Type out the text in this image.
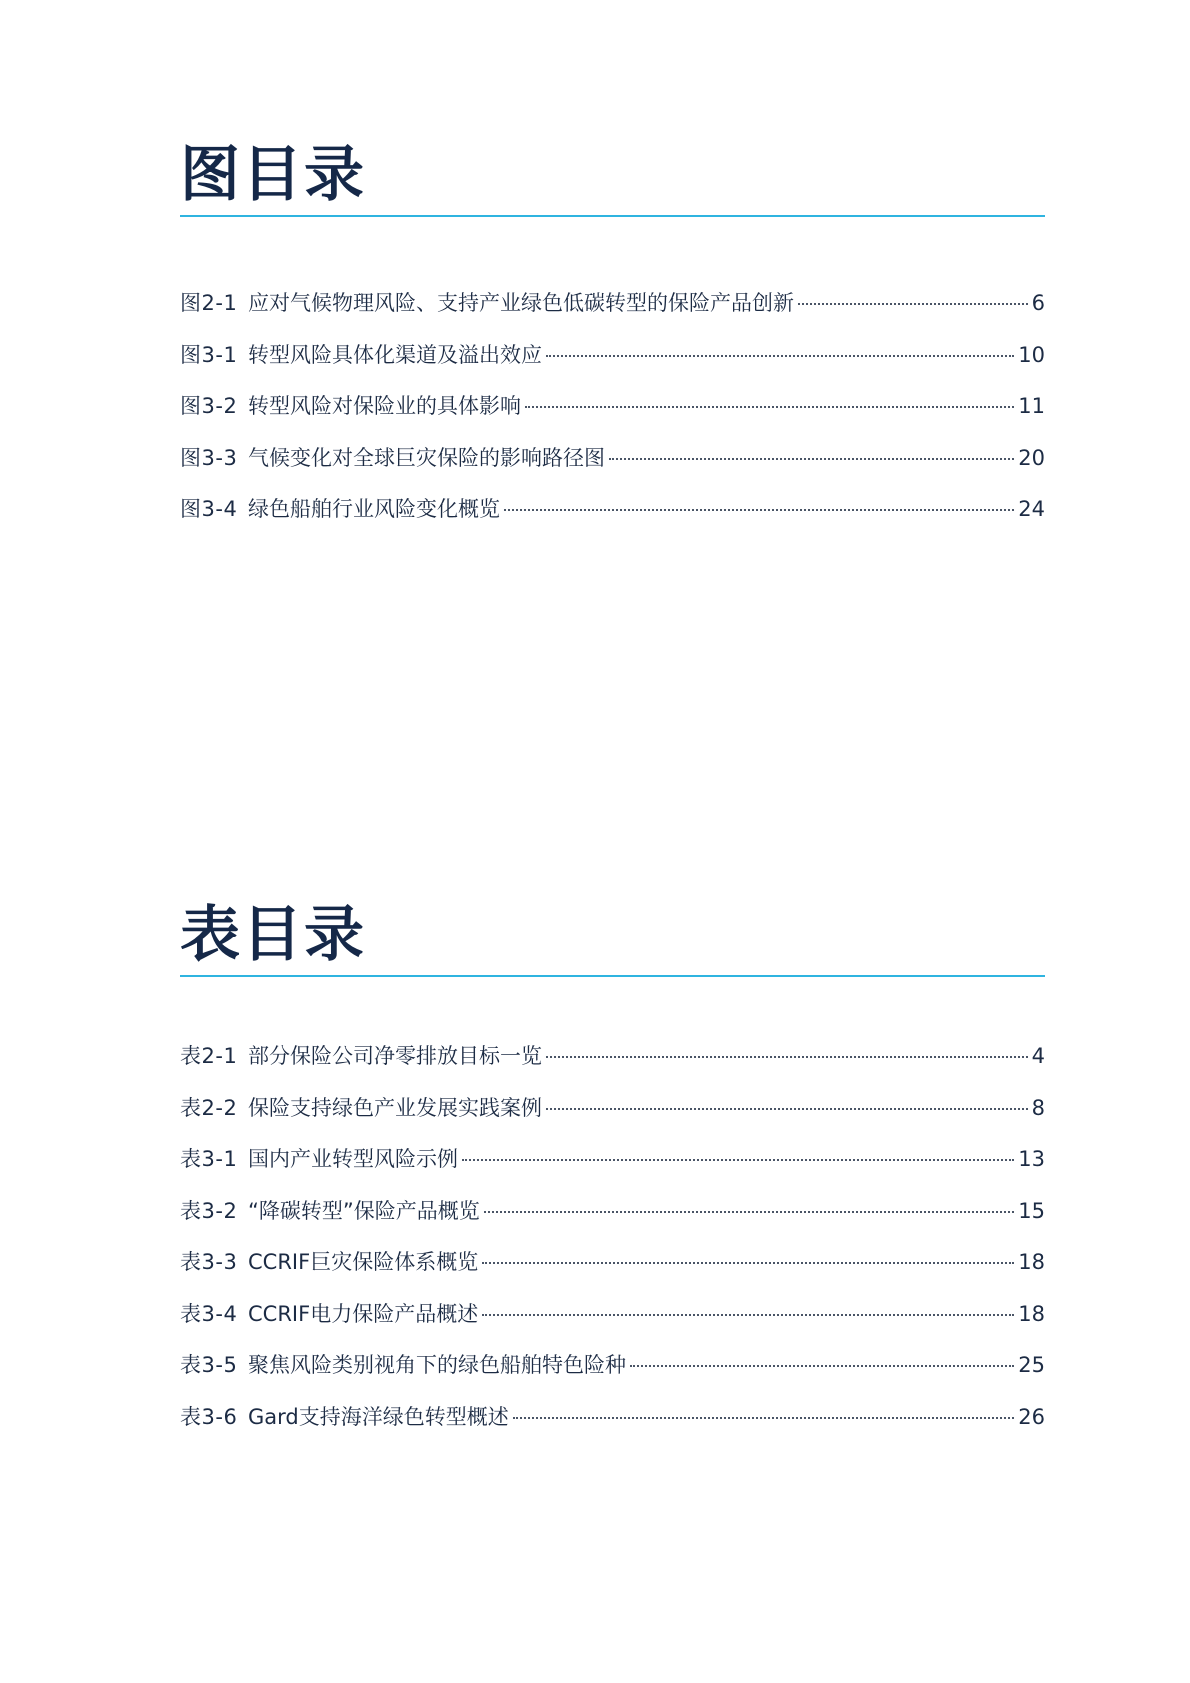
图目录
图2-1 应对气候物理风险、支持产业绿色低碳转型的保险产品创新	6
图3-1 转型风险具体化渠道及溢出效应	10
图3-2 转型风险对保险业的具体影响	11
图3-3 气候变化对全球巨灾保险的影响路径图	20
图3-4 绿色船舶行业风险变化概览	24
表目录
表2-1 部分保险公司净零排放目标一览	4
表2-2 保险支持绿色产业发展实践案例	8
表3-1 国内产业转型风险示例	13
表3-2 “降碳转型”保险产品概览	15
表3-3 CCRIF巨灾保险体系概览	18
表3-4 CCRIF电力保险产品概述	18
表3-5 聚焦风险类别视角下的绿色船舶特色险种	25
表3-6 Gard支持海洋绿色转型概述	26
